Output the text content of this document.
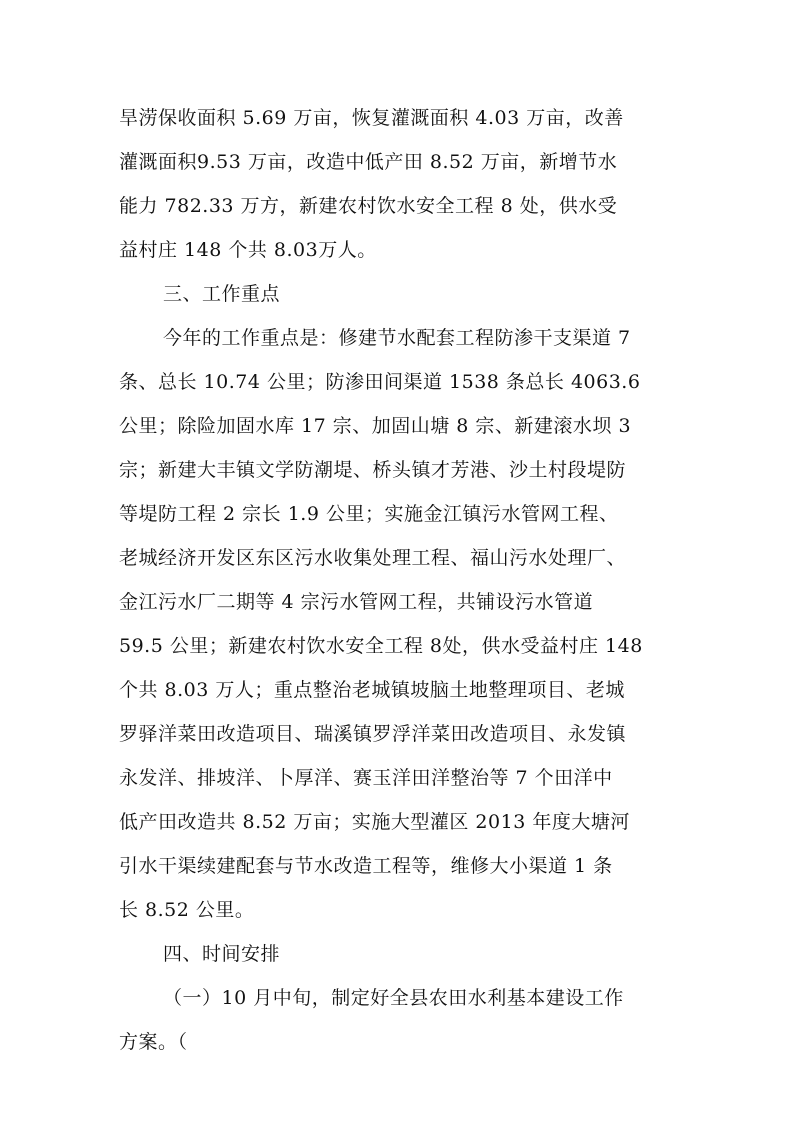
旱涝保收面积 5.69 万亩，恢复灌溉面积 4.03 万亩，改善
灌溉面积9.53 万亩，改造中低产田 8.52 万亩，新增节水
能力 782.33 万方，新建农村饮水安全工程 8 处，供水受
益村庄 148 个共 8.03万人。
三、工作重点
今年的工作重点是：修建节水配套工程防渗干支渠道 7
条、总长 10.74 公里；防渗田间渠道 1538 条总长 4063.6
公里；除险加固水库 17 宗、加固山塘 8 宗、新建滚水坝 3
宗；新建大丰镇文学防潮堤、桥头镇才芳港、沙土村段堤防
等堤防工程 2 宗长 1.9 公里；实施金江镇污水管网工程、
老城经济开发区东区污水收集处理工程、福山污水处理厂、
金江污水厂二期等 4 宗污水管网工程，共铺设污水管道
59.5 公里；新建农村饮水安全工程 8处，供水受益村庄 148
个共 8.03 万人；重点整治老城镇坡脑土地整理项目、老城
罗驿洋菜田改造项目、瑞溪镇罗浮洋菜田改造项目、永发镇
永发洋、排坡洋、卜厚洋、赛玉洋田洋整治等 7 个田洋中
低产田改造共 8.52 万亩；实施大型灌区 2013 年度大塘河
引水干渠续建配套与节水改造工程等，维修大小渠道 1 条
长 8.52 公里。
四、时间安排
（一）10 月中旬，制定好全县农田水利基本建设工作
方案。（
